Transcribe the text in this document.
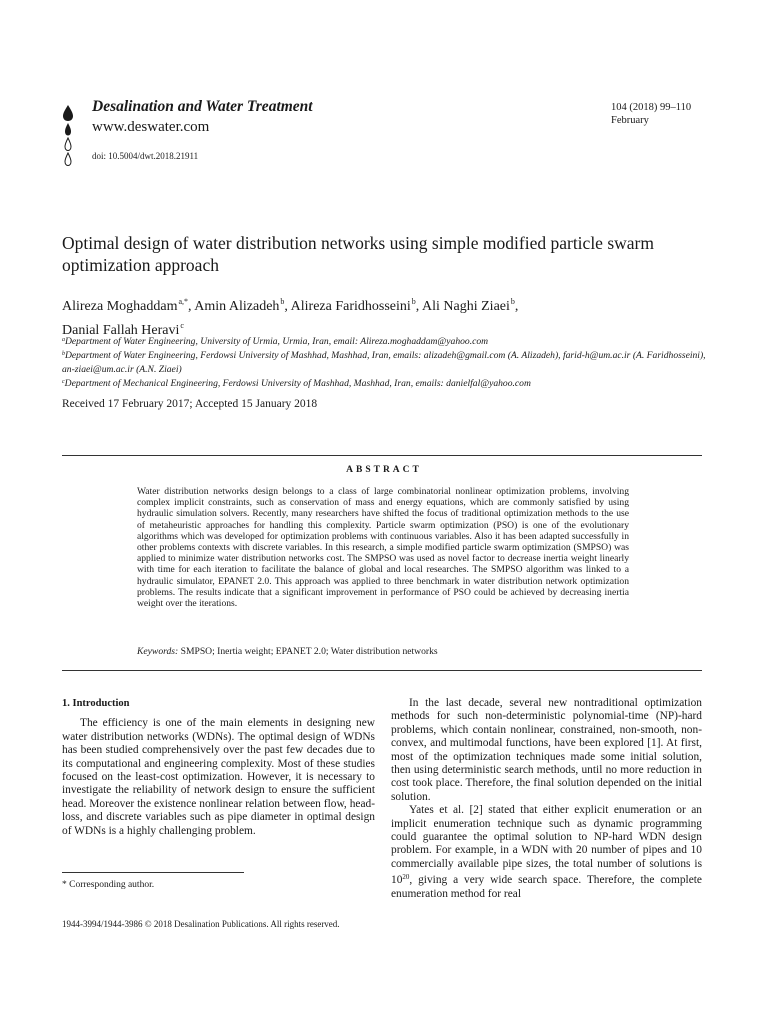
Desalination and Water Treatment
www.deswater.com
doi: 10.5004/dwt.2018.21911
104 (2018) 99–110
February
Optimal design of water distribution networks using simple modified particle swarm optimization approach
Alireza Moghaddam$^{a,*}$, Amin Alizadeh$^b$, Alireza Faridhosseini$^b$, Ali Naghi Ziaei$^b$,
Danial Fallah Heravi$^c$
$^a$Department of Water Engineering, University of Urmia, Urmia, Iran, email: Alireza.moghaddam@yahoo.com
$^b$Department of Water Engineering, Ferdowsi University of Mashhad, Mashhad, Iran, emails: alizadeh@gmail.com (A. Alizadeh), farid-h@um.ac.ir (A. Faridhosseini), an-ziaei@um.ac.ir (A.N. Ziaei)
$^c$Department of Mechanical Engineering, Ferdowsi University of Mashhad, Mashhad, Iran, emails: danielfal@yahoo.com
Received 17 February 2017; Accepted 15 January 2018
ABSTRACT
Water distribution networks design belongs to a class of large combinatorial nonlinear optimization problems, involving complex implicit constraints, such as conservation of mass and energy equations, which are commonly satisfied by using hydraulic simulation solvers. Recently, many researchers have shifted the focus of traditional optimization methods to the use of metaheuristic approaches for handling this complexity. Particle swarm optimization (PSO) is one of the evolutionary algorithms which was developed for optimization problems with continuous variables. Also it has been adapted successfully in other problems contexts with discrete variables. In this research, a simple modified particle swarm optimization (SMPSO) was applied to minimize water distribution networks cost. The SMPSO was used as novel factor to decrease inertia weight linearly with time for each iteration to facilitate the balance of global and local researches. The SMPSO algorithm was linked to a hydraulic simulator, EPANET 2.0. This approach was applied to three benchmark in water distribution network optimization problems. The results indicate that a significant improvement in performance of PSO could be achieved by decreasing inertia weight over the iterations.
Keywords: SMPSO; Inertia weight; EPANET 2.0; Water distribution networks
1. Introduction

The efficiency is one of the main elements in designing new water distribution networks (WDNs). The optimal design of WDNs has been studied comprehensively over the past few decades due to its computational and engineering complexity. Most of these studies focused on the least-cost optimization. However, it is necessary to investigate the reliability of network design to ensure the sufficient head. Moreover the existence nonlinear relation between flow, head-loss, and discrete variables such as pipe diameter in optimal design of WDNs is a highly challenging problem.

In the last decade, several new nontraditional optimization methods for such non-deterministic polynomial-time (NP)-hard problems, which contain nonlinear, constrained, non-smooth, non-convex, and multimodal functions, have been explored [1]. At first, most of the optimization techniques made some initial solution, then using deterministic search methods, until no more reduction in cost took place. Therefore, the final solution depended on the initial solution.

Yates et al. [2] stated that either explicit enumeration or an implicit enumeration technique such as dynamic programming could guarantee the optimal solution to NP-hard WDN design problem. For example, in a WDN with 20 number of pipes and 10 commercially available pipe sizes, the total number of solutions is $10^{20}$, giving a very wide search space. Therefore, the complete enumeration method for real

* Corresponding author.
1944-3994/1944-3986 © 2018 Desalination Publications. All rights reserved.
